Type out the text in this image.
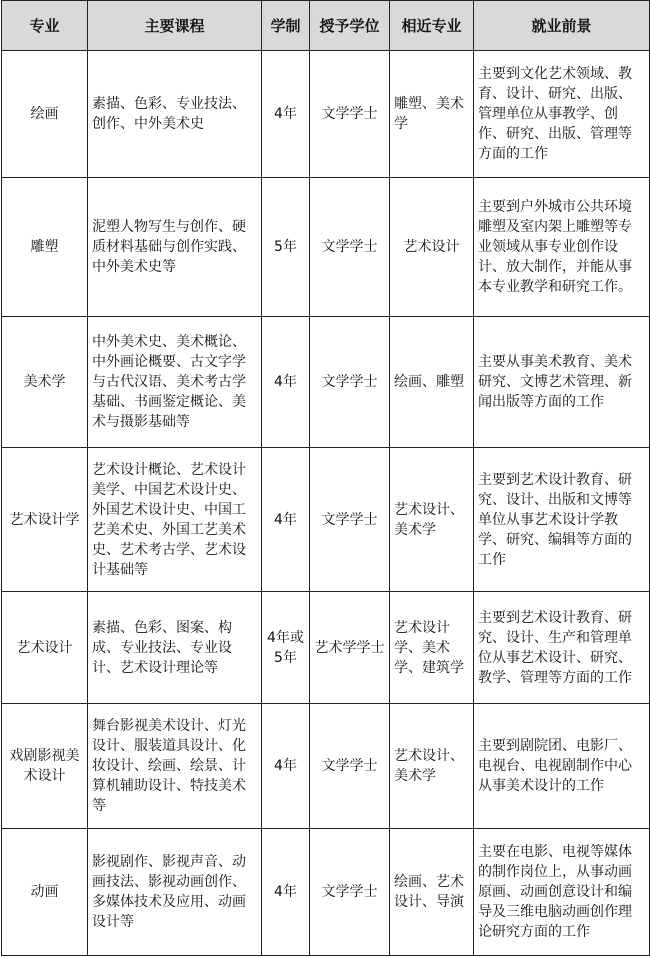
专业	主要课程	学制	授予学位	相近专业	就业前景
绘画	素描、色彩、专业技法、创作、中外美术史	4年	文学学士	雕塑、美术学	主要到文化艺术领域、教育、设计、研究、出版、管理单位从事教学、创作、研究、出版、管理等方面的工作
雕塑	泥塑人物写生与创作、硬质材料基础与创作实践、中外美术史等	5年	文学学士	艺术设计	主要到户外城市公共环境雕塑及室内架上雕塑等专业领域从事专业创作设计、放大制作，并能从事本专业教学和研究工作。
美术学	中外美术史、美术概论、中外画论概要、古文字学与古代汉语、美术考古学基础、书画鉴定概论、美术与摄影基础等	4年	文学学士	绘画、雕塑	主要从事美术教育、美术研究、文博艺术管理、新闻出版等方面的工作
艺术设计学	艺术设计概论、艺术设计美学、中国艺术设计史、外国艺术设计史、中国工艺美术史、外国工艺美术史、艺术考古学、艺术设计基础等	4年	文学学士	艺术设计、美术学	主要到艺术设计教育、研究、设计、出版和文博等单位从事艺术设计学教学、研究、编辑等方面的工作
艺术设计	素描、色彩、图案、构成、专业技法、专业设计、艺术设计理论等	4年或5年	艺术学学士	艺术设计学、美术学、建筑学	主要到艺术设计教育、研究、设计、生产和管理单位从事艺术设计、研究、教学、管理等方面的工作
戏剧影视美术设计	舞台影视美术设计、灯光设计、服装道具设计、化妆设计、绘画、绘景、计算机辅助设计、特技美术等	4年	文学学士	艺术设计、美术学	主要到剧院团、电影厂、电视台、电视剧制作中心从事美术设计的工作
动画	影视剧作、影视声音、动画技法、影视动画创作、多媒体技术及应用、动画设计等	4年	文学学士	绘画、艺术设计、导演	主要在电影、电视等媒体的制作岗位上，从事动画原画、动画创意设计和编导及三维电脑动画创作理论研究方面的工作
